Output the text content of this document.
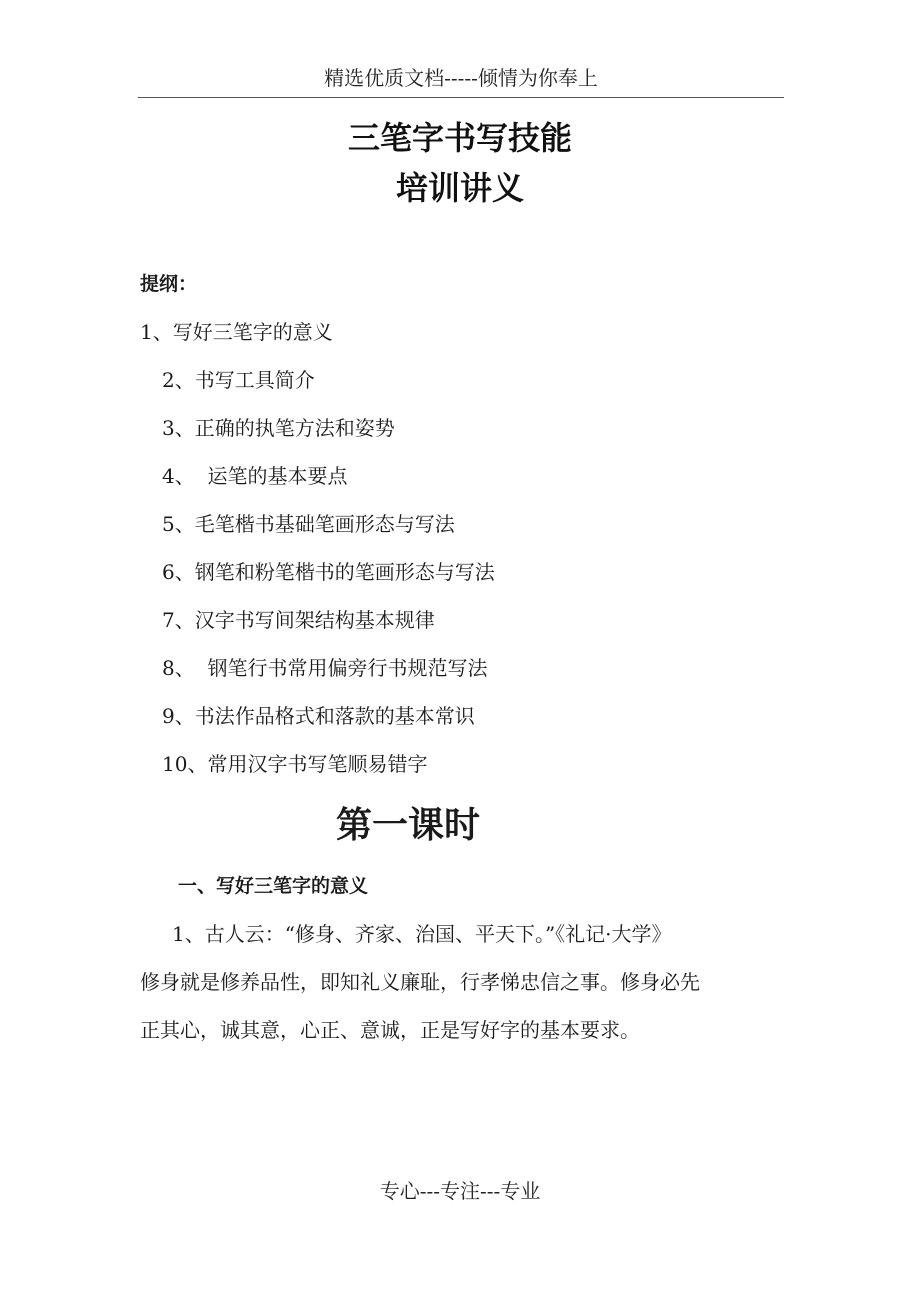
精选优质文档-----倾情为你奉上
三笔字书写技能
培训讲义
提纲：
1、写好三笔字的意义
2、书写工具简介
3、正确的执笔方法和姿势
4、  运笔的基本要点
5、毛笔楷书基础笔画形态与写法
6、钢笔和粉笔楷书的笔画形态与写法
7、汉字书写间架结构基本规律
8、  钢笔行书常用偏旁行书规范写法
9、书法作品格式和落款的基本常识
10、常用汉字书写笔顺易错字
第一课时
一、写好三笔字的意义
1、古人云：“修身、齐家、治国、平天下。”《礼记·大学》
修身就是修养品性，即知礼义廉耻，行孝悌忠信之事。修身必先
正其心，诚其意，心正、意诚，正是写好字的基本要求。
专心---专注---专业
